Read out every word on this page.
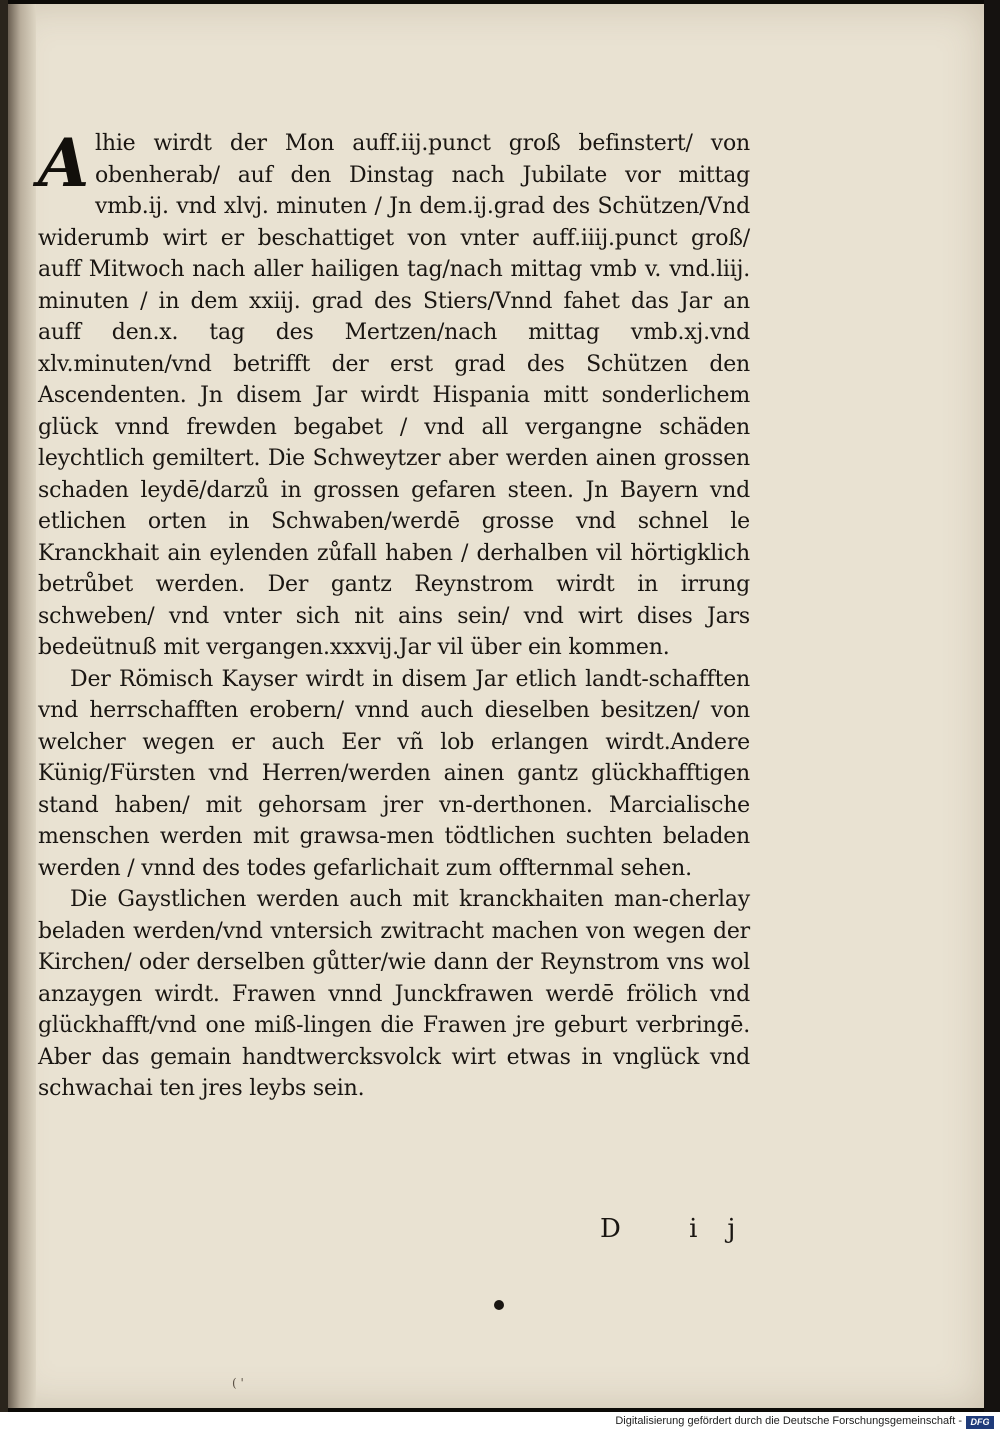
Alhie wirdt der Mon auff.iij.punct groß befinstert/ von obenherab/ auf den Dinstag nach Jubilate vor mittag vmb.ij. vnd xlvj. minuten / Jn dem.ij.grad des Schützen/Vnd widerumb wirt er beschattiget von vnter auff.iiij.punct groß/ auff Mitwoch nach aller hailigen tag/nach mittag vmb v. vnd.liij. minuten / in dem xxiij. grad des Stiers/Vnnd fahet das Jar an auff den.x. tag des Mertzen/nach mittag vmb.xj.vnd xlv.minuten/vnd betrifft der erst grad des Schützen den Ascendenten. Jn disem Jar wirdt Hispania mitt sonderlichem glück vnnd frewden begabet / vnd all vergangne schäden leychtlich gemiltert. Die Schweytzer aber werden ainen grossen schaden leydē/darzů in grossen gefaren steen. Jn Bayern vnd etlichen orten in Schwaben/werdē grosse vnd schnel le Kranckhait ain eylenden zůfall haben / derhalben vil hörtigklich betrůbet werden. Der gantz Reynstrom wirdt in irrung schweben/ vnd vnter sich nit ains sein/ vnd wirt dises Jars bedeütnuß mit vergangen.xxxvij.Jar vil über ein kommen.

Der Römisch Kayser wirdt in disem Jar etlich landt-schafften vnd herrschafften erobern/ vnnd auch dieselben besitzen/ von welcher wegen er auch Eer vñ lob erlangen wirdt.Andere Künig/Fürsten vnd Herren/werden ainen gantz glückhafftigen stand haben/ mit gehorsam jrer vn-derthonen. Marcialische menschen werden mit grawsa-men tödtlichen suchten beladen werden / vnnd des todes gefarlichait zum offternmal sehen.

Die Gaystlichen werden auch mit kranckhaiten man-cherlay beladen werden/vnd vntersich zwitracht machen von wegen der Kirchen/ oder derselben gůtter/wie dann der Reynstrom vns wol anzaygen wirdt. Frawen vnnd Junckfrawen werdē frölich vnd glückhafft/vnd one miß-lingen die Frawen jre geburt verbringē. Aber das gemain handtwercksvolck wirt etwas in vnglück vnd schwachai ten jres leybs sein.

D ij
( '
Digitalisierung gefördert durch die Deutsche Forschungsgemeinschaft - DFG
